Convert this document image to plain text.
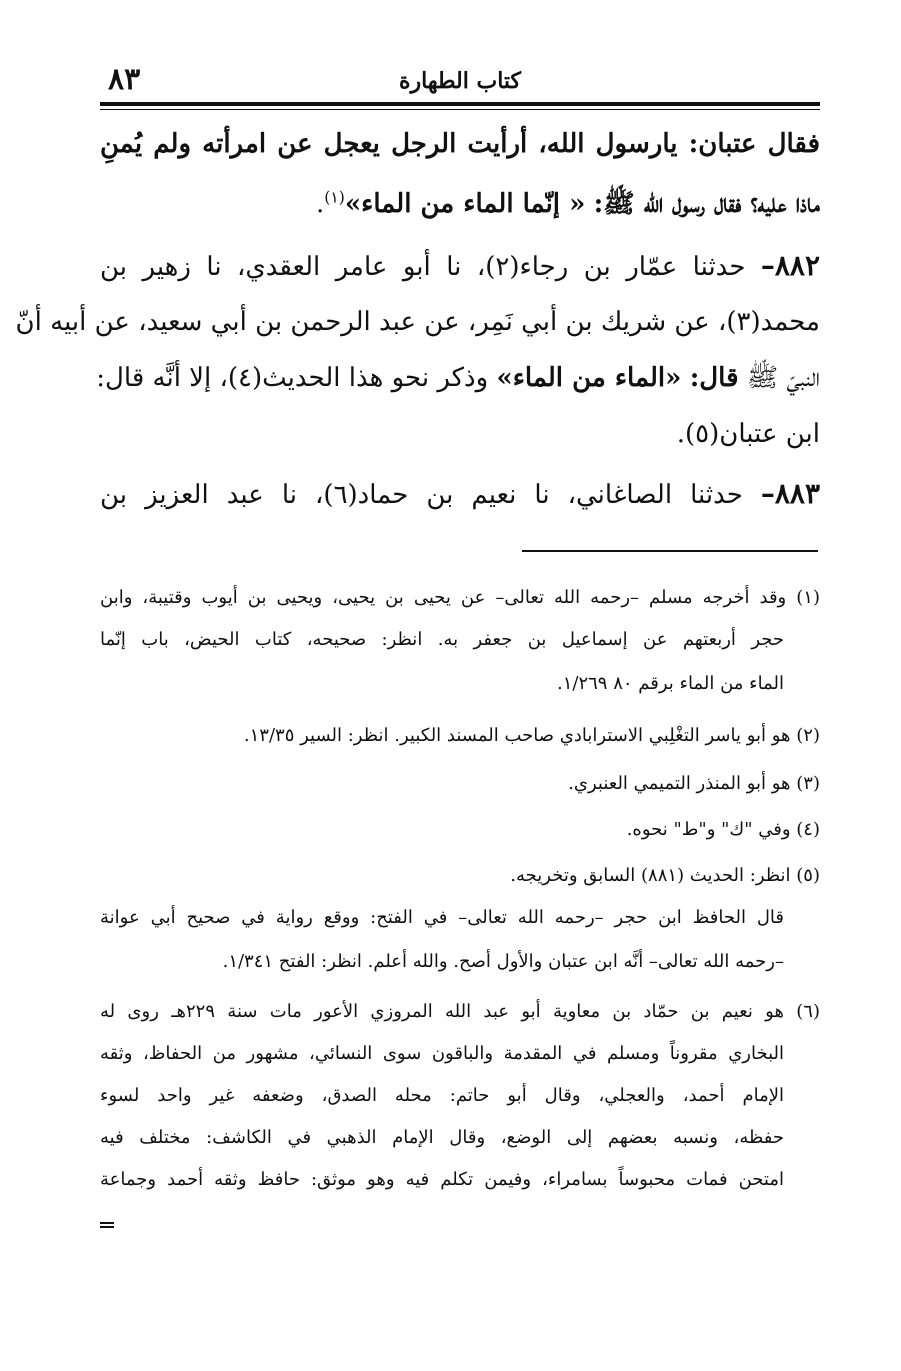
٨٣	كتاب الطهارة
فقال عتبان: يارسول الله، أرأيت الرجل يعجل عن امرأته ولم يُمنِ
ماذا عليه؟ فقال رسول الله ﷺ: « إنّما الماء من الماء»$^{(١)}$.
٨٨٢– حدثنا عمّار بن رجاء(٢)، نا أبو عامر العقدي، نا زهير بن
محمد(٣)، عن شريك بن أبي نَمِر، عن عبد الرحمن بن أبي سعيد، عن أبيه أنّ
النبيّ ﷺ قال: «الماء من الماء» وذكر نحو هذا الحديث(٤)، إلا أنَّه قال:
ابن عتبان(٥).
٨٨٣– حدثنا الصاغاني، نا نعيم بن حماد(٦)، نا عبد العزيز بن
(١) وقد أخرجه مسلم –رحمه الله تعالى– عن يحيى بن يحيى، ويحيى بن أيوب وقتيبة، وابن
حجر أربعتهم عن إسماعيل بن جعفر به. انظر: صحيحه، كتاب الحيض، باب إنّما
الماء من الماء برقم ٨٠ ١/٢٦٩.
(٢) هو أبو ياسر التغْلِبي الاسترابادي صاحب المسند الكبير. انظر: السير ١٣/٣٥.
(٣) هو أبو المنذر التميمي العنبري.
(٤) وفي "ك" و"ط" نحوه.
(٥) انظر: الحديث (٨٨١) السابق وتخريجه.
قال الحافظ ابن حجر –رحمه الله تعالى– في الفتح: ووقع رواية في صحيح أبي عوانة
–رحمه الله تعالى– أنَّه ابن عتبان والأول أصح. والله أعلم. انظر: الفتح ١/٣٤١.
(٦) هو نعيم بن حمّاد بن معاوية أبو عبد الله المروزي الأعور مات سنة ٢٢٩هـ روى له
البخاري مقروناً ومسلم في المقدمة والباقون سوى النسائي، مشهور من الحفاظ، وثقه
الإمام أحمد، والعجلي، وقال أبو حاتم: محله الصدق، وضعفه غير واحد لسوء
حفظه، ونسبه بعضهم إلى الوضع، وقال الإمام الذهبي في الكاشف: مختلف فيه
امتحن فمات محبوساً بسامراء، وفيمن تكلم فيه وهو موثق: حافظ وثقه أحمد وجماعة
